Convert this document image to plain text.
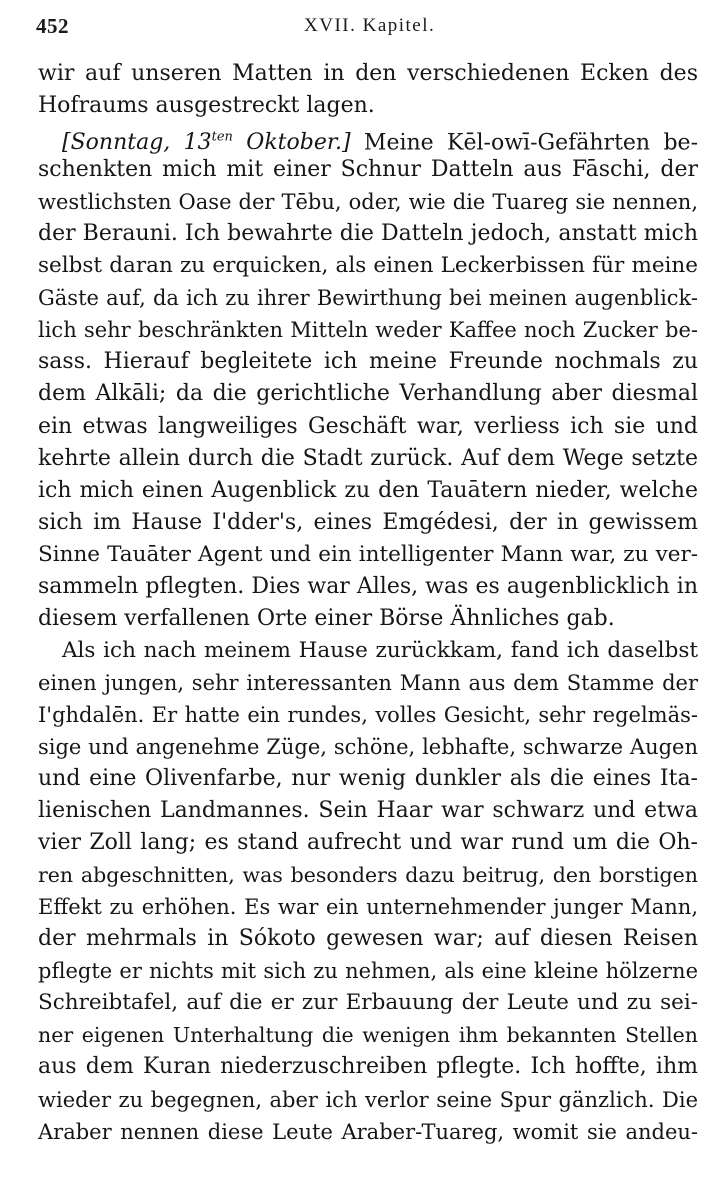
452	XVII. Kapitel.
wir auf unseren Matten in den verschiedenen Ecken des
Hofraums ausgestreckt lagen.
[Sonntag, $13^{ten}$ Oktober.] Meine Kēl-owī-Gefährten be-
schenkten mich mit einer Schnur Datteln aus Fāschi, der
westlichsten Oase der Tēbu, oder, wie die Tuareg sie nennen,
der Berauni. Ich bewahrte die Datteln jedoch, anstatt mich
selbst daran zu erquicken, als einen Leckerbissen für meine
Gäste auf, da ich zu ihrer Bewirthung bei meinen augenblick-
lich sehr beschränkten Mitteln weder Kaffee noch Zucker be-
sass. Hierauf begleitete ich meine Freunde nochmals zu
dem Alkāli; da die gerichtliche Verhandlung aber diesmal
ein etwas langweiliges Geschäft war, verliess ich sie und
kehrte allein durch die Stadt zurück. Auf dem Wege setzte
ich mich einen Augenblick zu den Tauātern nieder, welche
sich im Hause I'dder's, eines Emgédesi, der in gewissem
Sinne Tauāter Agent und ein intelligenter Mann war, zu ver-
sammeln pflegten. Dies war Alles, was es augenblicklich in
diesem verfallenen Orte einer Börse Ähnliches gab.
Als ich nach meinem Hause zurückkam, fand ich daselbst
einen jungen, sehr interessanten Mann aus dem Stamme der
I'ghdalēn. Er hatte ein rundes, volles Gesicht, sehr regelmäs-
sige und angenehme Züge, schöne, lebhafte, schwarze Augen
und eine Olivenfarbe, nur wenig dunkler als die eines Ita-
lienischen Landmannes. Sein Haar war schwarz und etwa
vier Zoll lang; es stand aufrecht und war rund um die Oh-
ren abgeschnitten, was besonders dazu beitrug, den borstigen
Effekt zu erhöhen. Es war ein unternehmender junger Mann,
der mehrmals in Sókoto gewesen war; auf diesen Reisen
pflegte er nichts mit sich zu nehmen, als eine kleine hölzerne
Schreibtafel, auf die er zur Erbauung der Leute und zu sei-
ner eigenen Unterhaltung die wenigen ihm bekannten Stellen
aus dem Kuran niederzuschreiben pflegte. Ich hoffte, ihm
wieder zu begegnen, aber ich verlor seine Spur gänzlich. Die
Araber nennen diese Leute Araber-Tuareg, womit sie andeu-
